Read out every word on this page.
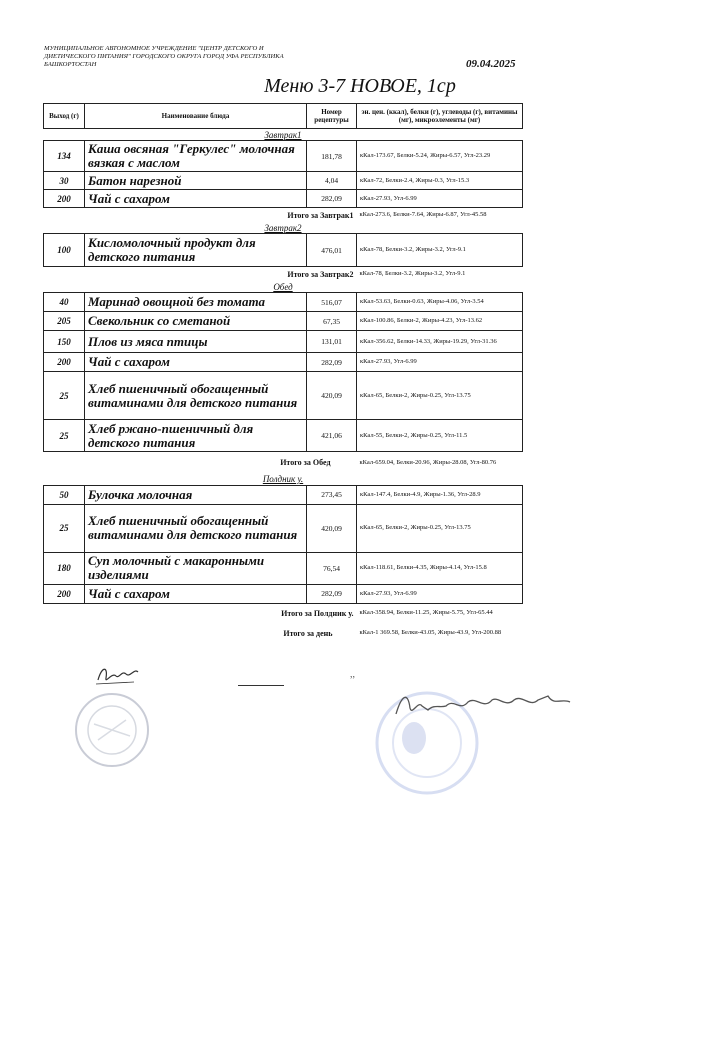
МУНИЦИПАЛЬНОЕ АВТОНОМНОЕ УЧРЕЖДЕНИЕ "ЦЕНТР ДЕТСКОГО И ДИЕТИЧЕСКОГО ПИТАНИЯ" ГОРОДСКОГО ОКРУГА ГОРОД УФА РЕСПУБЛИКА БАШКОРТОСТАН	09.04.2025
Меню 3-7 НОВОЕ, 1ср
Выход (г)	Наименование блюда	Номер рецептуры	эн. цен. (ккал), белки (г), углеводы (г), витамины (мг), микроэлементы (мг)
Завтрак1			
134	Каша овсяная "Геркулес" молочная вязкая с маслом	181,78	кКал-173.67, Белки-5.24, Жиры-6.57, Угл-23.29
30	Батон нарезной	4,04	кКал-72, Белки-2.4, Жиры-0.3, Угл-15.3
200	Чай с сахаром	282,09	кКал-27.93, Угл-6.99
Итого за Завтрак1			кКал-273.6, Белки-7.64, Жиры-6.87, Угл-45.58
Завтрак2			
100	Кисломолочный продукт для детского питания	476,01	кКал-78, Белки-3.2, Жиры-3.2, Угл-9.1
Итого за Завтрак2			кКал-78, Белки-3.2, Жиры-3.2, Угл-9.1
Обед			
40	Маринад овощной без томата	516,07	кКал-53.63, Белки-0.63, Жиры-4.06, Угл-3.54
205	Свекольник со сметаной	67,35	кКал-100.86, Белки-2, Жиры-4.23, Угл-13.62
150	Плов из мяса птицы	131,01	кКал-356.62, Белки-14.33, Жиры-19.29, Угл-31.36
200	Чай с сахаром	282,09	кКал-27.93, Угл-6.99
25	Хлеб пшеничный обогащенный витаминами для детского питания	420,09	кКал-65, Белки-2, Жиры-0.25, Угл-13.75
25	Хлеб ржано-пшеничный для детского питания	421,06	кКал-55, Белки-2, Жиры-0.25, Угл-11.5
Итого за Обед			кКал-659.04, Белки-20.96, Жиры-28.08, Угл-80.76
Полдник у.			
50	Булочка молочная	273,45	кКал-147.4, Белки-4.9, Жиры-1.36, Угл-28.9
25	Хлеб пшеничный обогащенный витаминами для детского питания	420,09	кКал-65, Белки-2, Жиры-0.25, Угл-13.75
180	Суп молочный с макаронными изделиями	76,54	кКал-118.61, Белки-4.35, Жиры-4.14, Угл-15.8
200	Чай с сахаром	282,09	кКал-27.93, Угл-6.99
Итого за Полдник у.			кКал-358.94, Белки-11.25, Жиры-5.75, Угл-65.44
Итого за день			кКал-1 369.58, Белки-43.05, Жиры-43.9, Угл-200.88
,,
